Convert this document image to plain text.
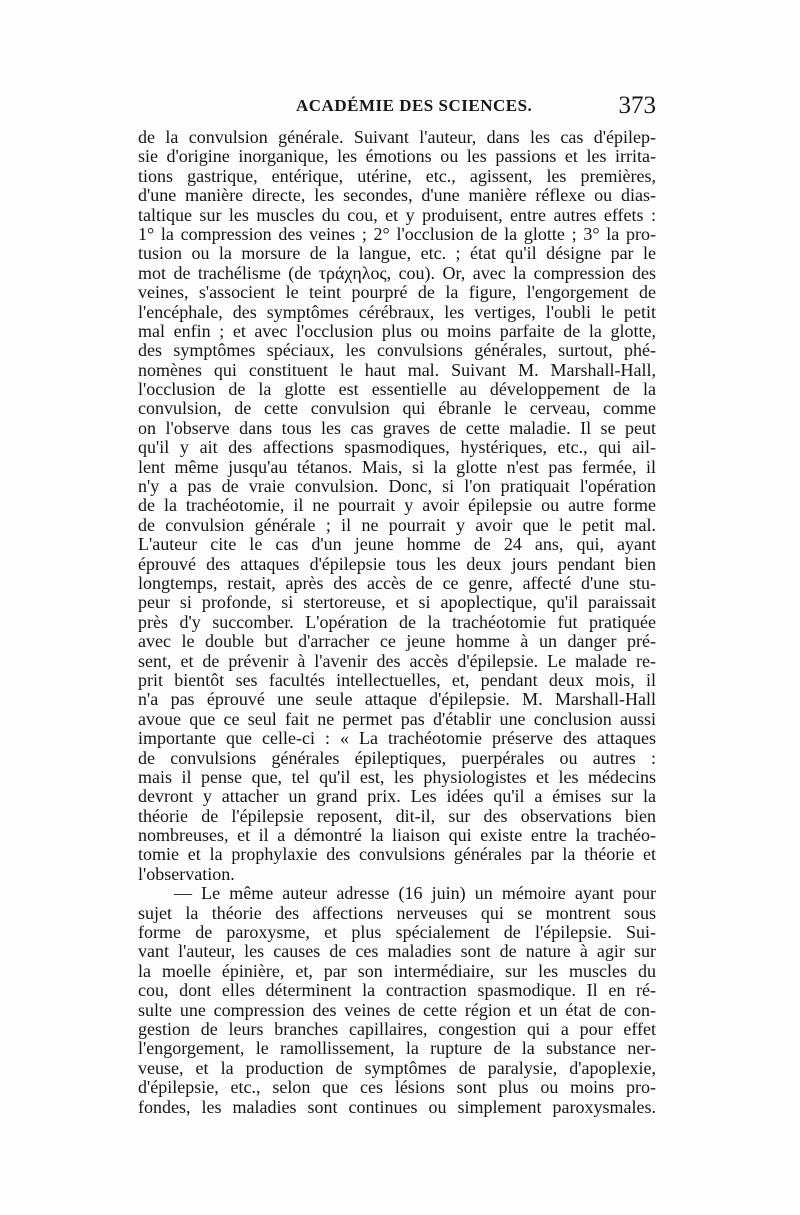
ACADÉMIE DES SCIENCES.	373
de la convulsion générale. Suivant l'auteur, dans les cas d'épilep-
sie d'origine inorganique, les émotions ou les passions et les irrita-
tions gastrique, entérique, utérine, etc., agissent, les premières,
d'une manière directe, les secondes, d'une manière réflexe ou dias-
taltique sur les muscles du cou, et y produisent, entre autres effets :
1° la compression des veines ; 2° l'occlusion de la glotte ; 3° la pro-
tusion ou la morsure de la langue, etc. ; état qu'il désigne par le
mot de trachélisme (de τράχηλος, cou). Or, avec la compression des
veines, s'associent le teint pourpré de la figure, l'engorgement de
l'encéphale, des symptômes cérébraux, les vertiges, l'oubli le petit
mal enfin ; et avec l'occlusion plus ou moins parfaite de la glotte,
des symptômes spéciaux, les convulsions générales, surtout, phé-
nomènes qui constituent le haut mal. Suivant M. Marshall-Hall,
l'occlusion de la glotte est essentielle au développement de la
convulsion, de cette convulsion qui ébranle le cerveau, comme
on l'observe dans tous les cas graves de cette maladie. Il se peut
qu'il y ait des affections spasmodiques, hystériques, etc., qui ail-
lent même jusqu'au tétanos. Mais, si la glotte n'est pas fermée, il
n'y a pas de vraie convulsion. Donc, si l'on pratiquait l'opération
de la trachéotomie, il ne pourrait y avoir épilepsie ou autre forme
de convulsion générale ; il ne pourrait y avoir que le petit mal.
L'auteur cite le cas d'un jeune homme de 24 ans, qui, ayant
éprouvé des attaques d'épilepsie tous les deux jours pendant bien
longtemps, restait, après des accès de ce genre, affecté d'une stu-
peur si profonde, si stertoreuse, et si apoplectique, qu'il paraissait
près d'y succomber. L'opération de la trachéotomie fut pratiquée
avec le double but d'arracher ce jeune homme à un danger pré-
sent, et de prévenir à l'avenir des accès d'épilepsie. Le malade re-
prit bientôt ses facultés intellectuelles, et, pendant deux mois, il
n'a pas éprouvé une seule attaque d'épilepsie. M. Marshall-Hall
avoue que ce seul fait ne permet pas d'établir une conclusion aussi
importante que celle-ci : « La trachéotomie préserve des attaques
de convulsions générales épileptiques, puerpérales ou autres :
mais il pense que, tel qu'il est, les physiologistes et les médecins
devront y attacher un grand prix. Les idées qu'il a émises sur la
théorie de l'épilepsie reposent, dit-il, sur des observations bien
nombreuses, et il a démontré la liaison qui existe entre la trachéo-
tomie et la prophylaxie des convulsions générales par la théorie et
l'observation.
— Le même auteur adresse (16 juin) un mémoire ayant pour
sujet la théorie des affections nerveuses qui se montrent sous
forme de paroxysme, et plus spécialement de l'épilepsie. Sui-
vant l'auteur, les causes de ces maladies sont de nature à agir sur
la moelle épinière, et, par son intermédiaire, sur les muscles du
cou, dont elles déterminent la contraction spasmodique. Il en ré-
sulte une compression des veines de cette région et un état de con-
gestion de leurs branches capillaires, congestion qui a pour effet
l'engorgement, le ramollissement, la rupture de la substance ner-
veuse, et la production de symptômes de paralysie, d'apoplexie,
d'épilepsie, etc., selon que ces lésions sont plus ou moins pro-
fondes, les maladies sont continues ou simplement paroxysmales.
